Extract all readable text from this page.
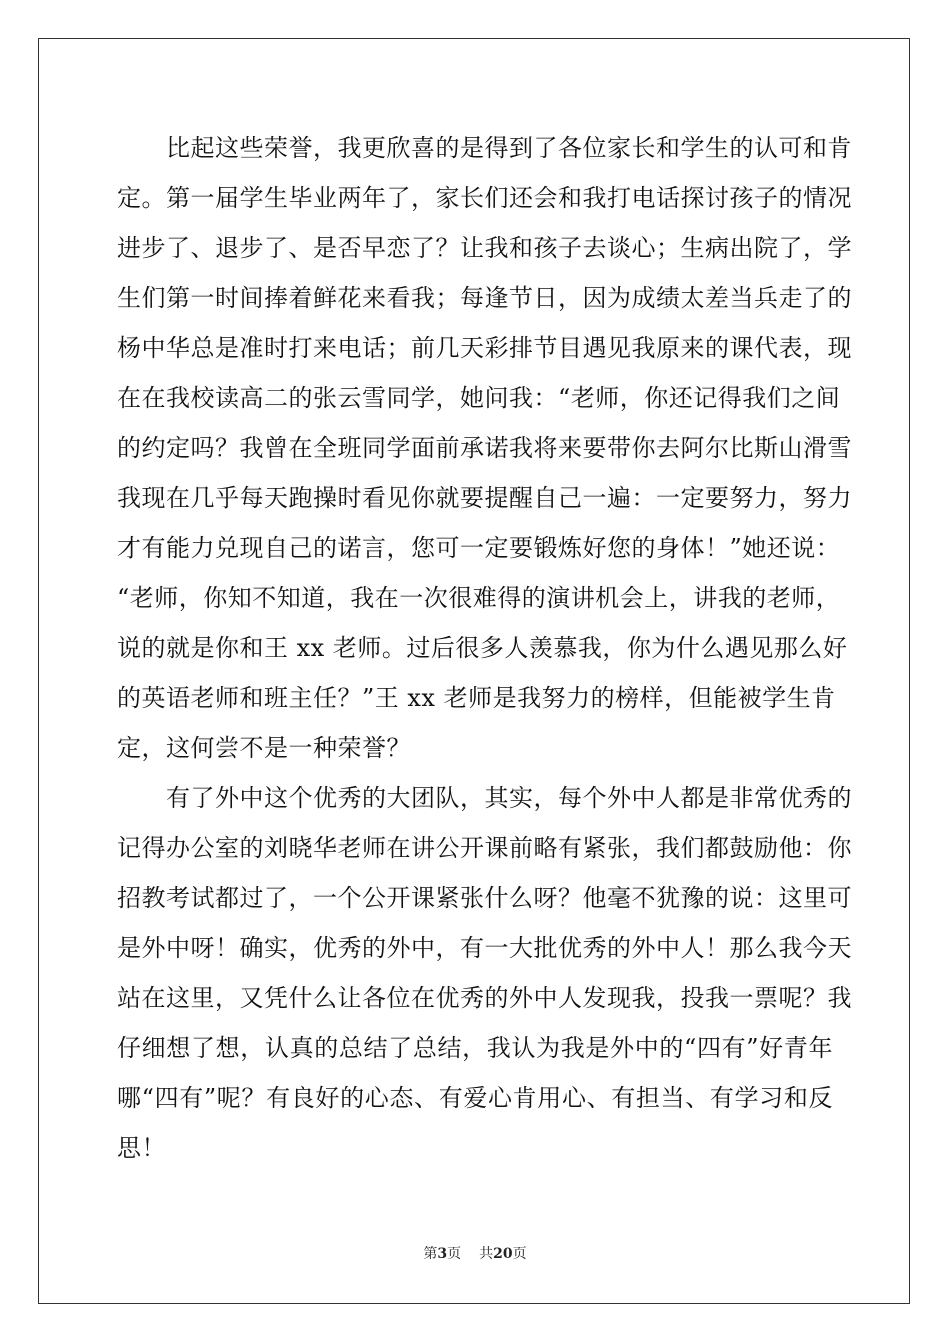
　　比起这些荣誉，我更欣喜的是得到了各位家长和学生的认可和肯
定。第一届学生毕业两年了，家长们还会和我打电话探讨孩子的情况
进步了、退步了、是否早恋了？让我和孩子去谈心；生病出院了，学
生们第一时间捧着鲜花来看我；每逢节日，因为成绩太差当兵走了的
杨中华总是准时打来电话；前几天彩排节目遇见我原来的课代表，现
在在我校读高二的张云雪同学，她问我：“老师，你还记得我们之间
的约定吗？我曾在全班同学面前承诺我将来要带你去阿尔比斯山滑雪
我现在几乎每天跑操时看见你就要提醒自己一遍：一定要努力，努力
才有能力兑现自己的诺言，您可一定要锻炼好您的身体！”她还说：
“老师，你知不知道，我在一次很难得的演讲机会上，讲我的老师，
说的就是你和王 xx 老师。过后很多人羡慕我，你为什么遇见那么好
的英语老师和班主任？”王 xx 老师是我努力的榜样，但能被学生肯
定，这何尝不是一种荣誉？
　　有了外中这个优秀的大团队，其实，每个外中人都是非常优秀的
记得办公室的刘晓华老师在讲公开课前略有紧张，我们都鼓励他：你
招教考试都过了，一个公开课紧张什么呀？他毫不犹豫的说：这里可
是外中呀！确实，优秀的外中，有一大批优秀的外中人！那么我今天
站在这里，又凭什么让各位在优秀的外中人发现我，投我一票呢？我
仔细想了想，认真的总结了总结，我认为我是外中的“四有”好青年
哪“四有”呢？有良好的心态、有爱心肯用心、有担当、有学习和反
思！
第3页 共20页
